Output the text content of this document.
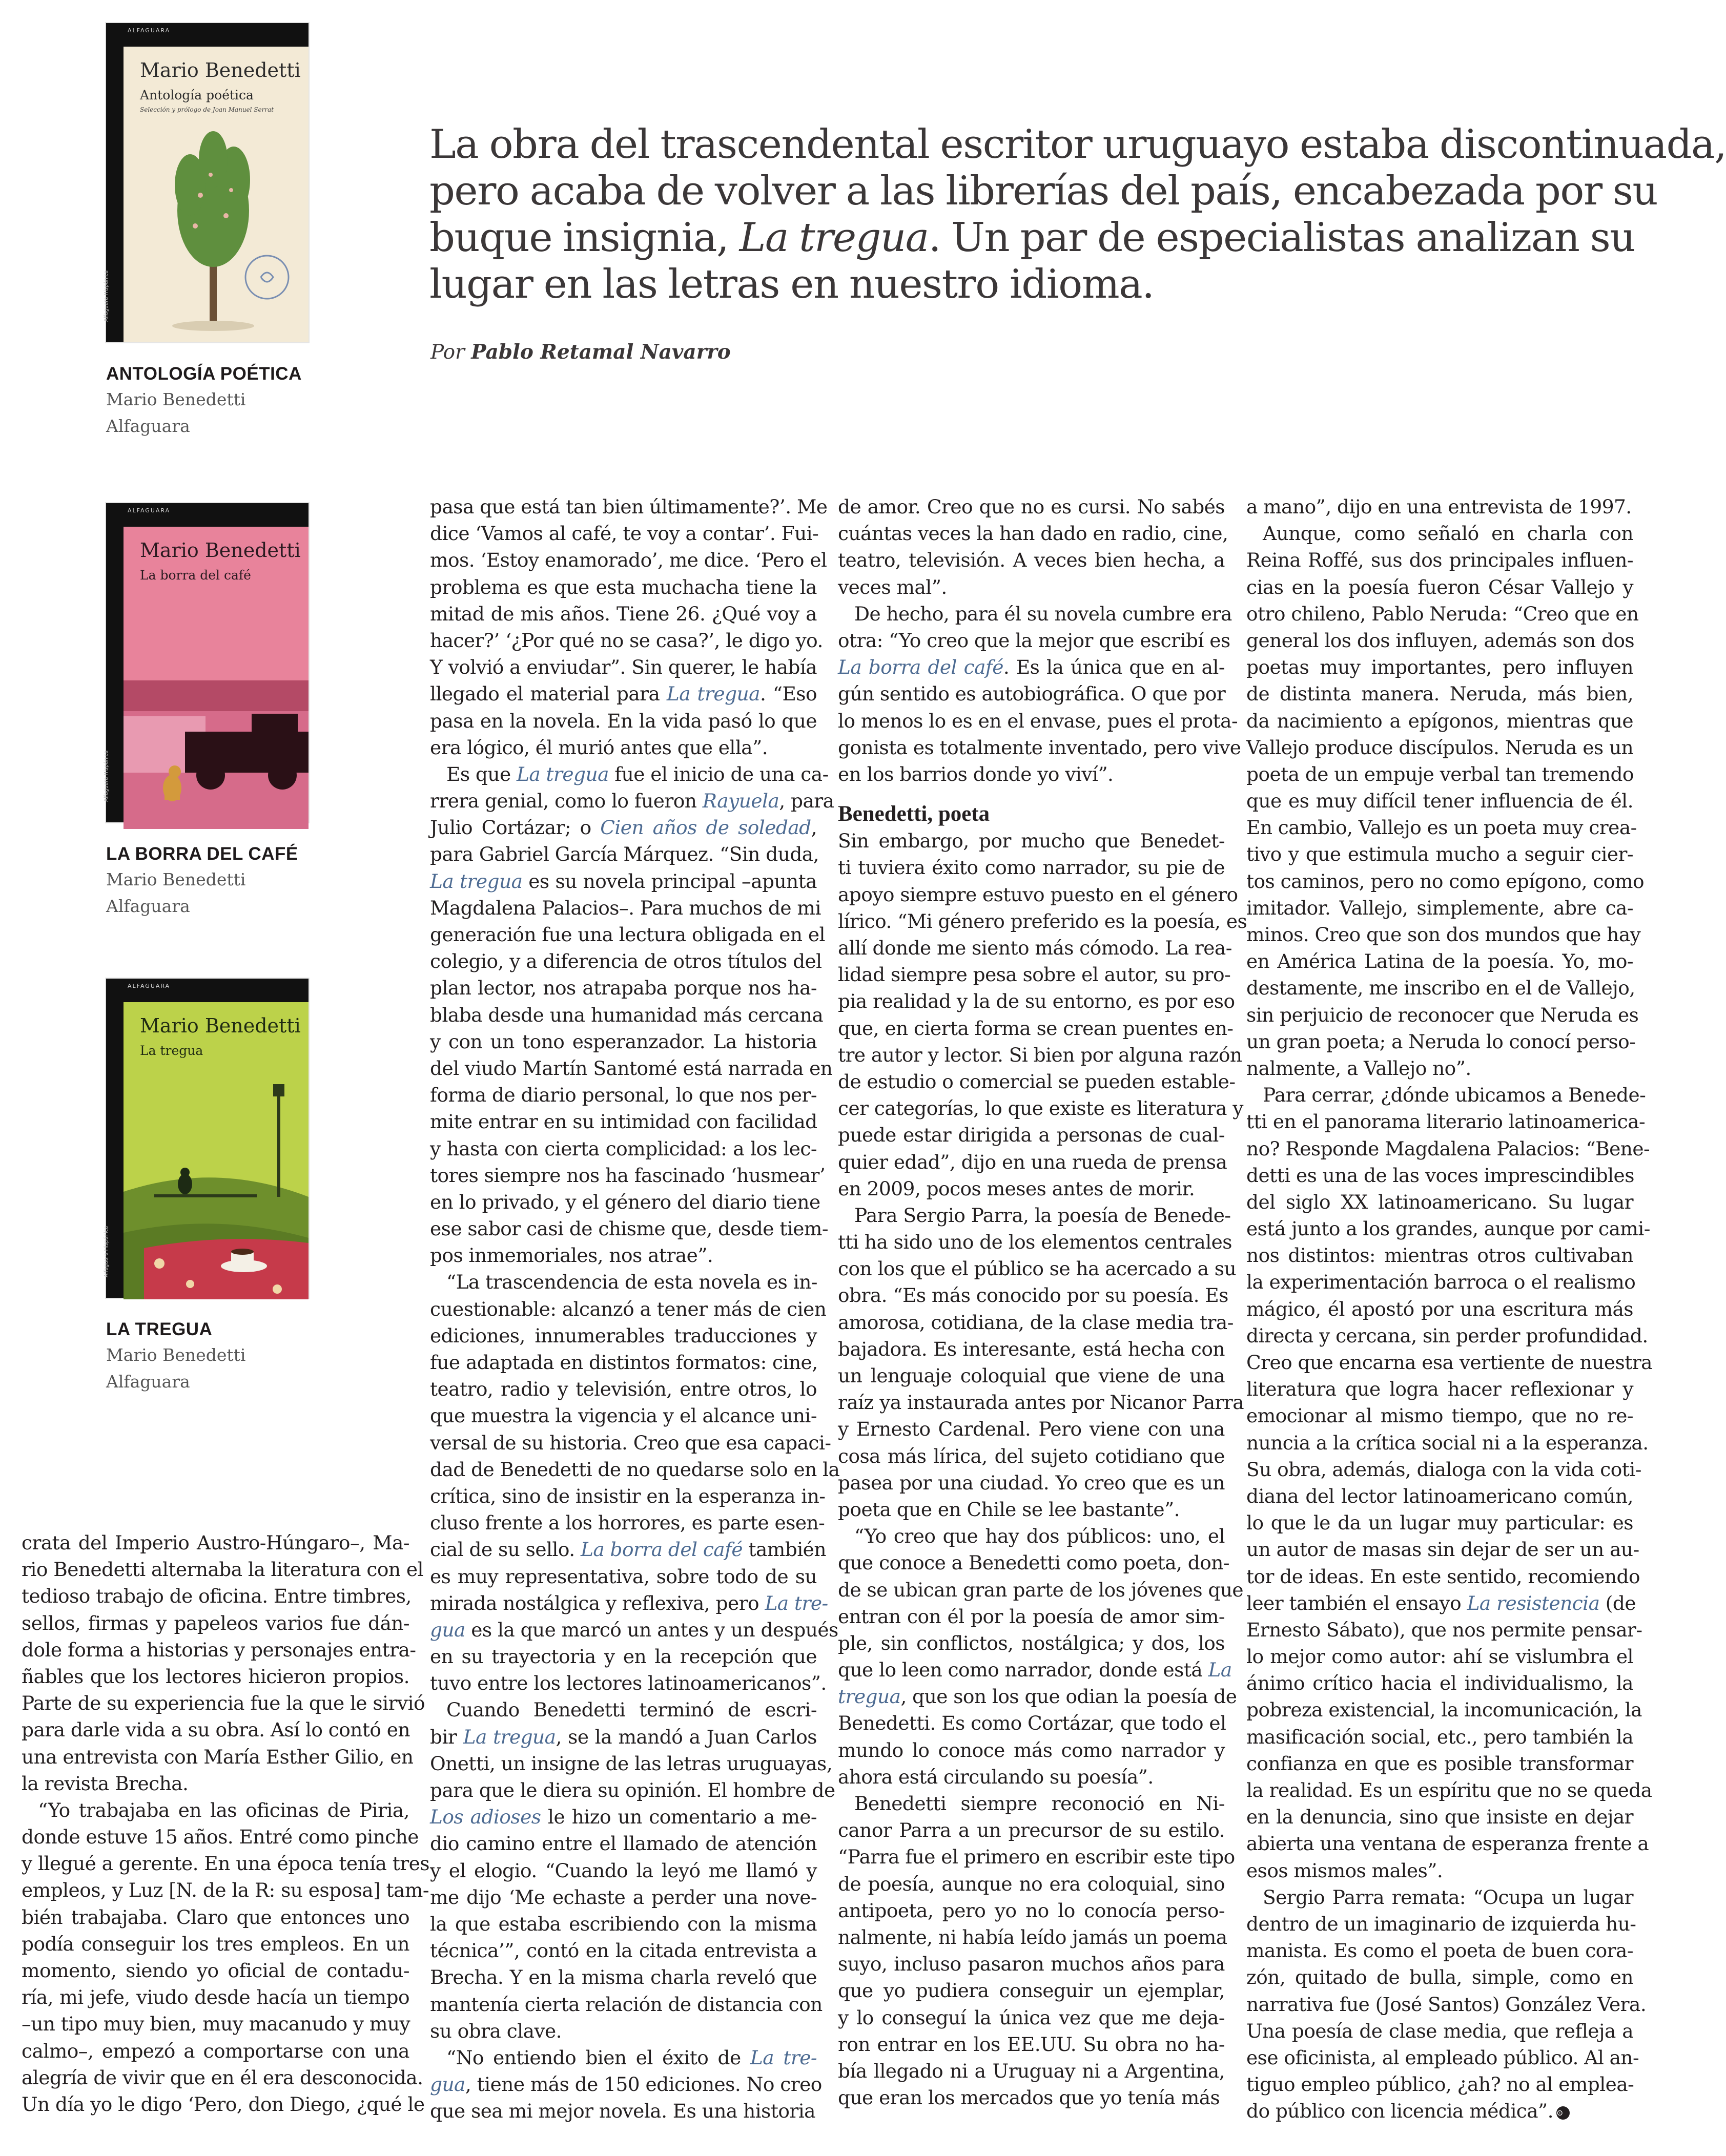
ALFAGUARA
Alfaguara Hispánica
Mario Benedetti
Antología poética
Selección y prólogo de Joan Manuel Serrat
ANTOLOGÍA POÉTICA
Mario Benedetti
Alfaguara
ALFAGUARA
Alfaguara Hispánica
Mario Benedetti
La borra del café
LA BORRA DEL CAFÉ
Mario Benedetti
Alfaguara
ALFAGUARA
Alfaguara Hispánica
Mario Benedetti
La tregua
LA TREGUA
Mario Benedetti
Alfaguara
La obra del trascendental escritor uruguayo estaba discontinuada,
pero acaba de volver a las librerías del país, encabezada por su
buque insignia, La tregua. Un par de especialistas analizan su
lugar en las letras en nuestro idioma.
Por Pablo Retamal Navarro
crata del Imperio Austro-Húngaro–, Ma-
rio Benedetti alternaba la literatura con el
tedioso trabajo de oficina. Entre timbres,
sellos, firmas y papeleos varios fue dán-
dole forma a historias y personajes entra-
ñables que los lectores hicieron propios.
Parte de su experiencia fue la que le sirvió
para darle vida a su obra. Así lo contó en
una entrevista con María Esther Gilio, en
la revista Brecha.
“Yo trabajaba en las oficinas de Piria,
donde estuve 15 años. Entré como pinche
y llegué a gerente. En una época tenía tres
empleos, y Luz [N. de la R: su esposa] tam-
bién trabajaba. Claro que entonces uno
podía conseguir los tres empleos. En un
momento, siendo yo oficial de contadu-
ría, mi jefe, viudo desde hacía un tiempo
–un tipo muy bien, muy macanudo y muy
calmo–, empezó a comportarse con una
alegría de vivir que en él era desconocida.
Un día yo le digo ‘Pero, don Diego, ¿qué le
pasa que está tan bien últimamente?’. Me
dice ‘Vamos al café, te voy a contar’. Fui-
mos. ‘Estoy enamorado’, me dice. ‘Pero el
problema es que esta muchacha tiene la
mitad de mis años. Tiene 26. ¿Qué voy a
hacer?’ ‘¿Por qué no se casa?’, le digo yo.
Y volvió a enviudar”. Sin querer, le había
llegado el material para La tregua. “Eso
pasa en la novela. En la vida pasó lo que
era lógico, él murió antes que ella”.
Es que La tregua fue el inicio de una ca-
rrera genial, como lo fueron Rayuela, para
Julio Cortázar; o Cien años de soledad,
para Gabriel García Márquez. “Sin duda,
La tregua es su novela principal –apunta
Magdalena Palacios–. Para muchos de mi
generación fue una lectura obligada en el
colegio, y a diferencia de otros títulos del
plan lector, nos atrapaba porque nos ha-
blaba desde una humanidad más cercana
y con un tono esperanzador. La historia
del viudo Martín Santomé está narrada en
forma de diario personal, lo que nos per-
mite entrar en su intimidad con facilidad
y hasta con cierta complicidad: a los lec-
tores siempre nos ha fascinado ‘husmear’
en lo privado, y el género del diario tiene
ese sabor casi de chisme que, desde tiem-
pos inmemoriales, nos atrae”.
“La trascendencia de esta novela es in-
cuestionable: alcanzó a tener más de cien
ediciones, innumerables traducciones y
fue adaptada en distintos formatos: cine,
teatro, radio y televisión, entre otros, lo
que muestra la vigencia y el alcance uni-
versal de su historia. Creo que esa capaci-
dad de Benedetti de no quedarse solo en la
crítica, sino de insistir en la esperanza in-
cluso frente a los horrores, es parte esen-
cial de su sello. La borra del café también
es muy representativa, sobre todo de su
mirada nostálgica y reflexiva, pero La tre-
gua es la que marcó un antes y un después
en su trayectoria y en la recepción que
tuvo entre los lectores latinoamericanos”.
Cuando Benedetti terminó de escri-
bir La tregua, se la mandó a Juan Carlos
Onetti, un insigne de las letras uruguayas,
para que le diera su opinión. El hombre de
Los adioses le hizo un comentario a me-
dio camino entre el llamado de atención
y el elogio. “Cuando la leyó me llamó y
me dijo ‘Me echaste a perder una nove-
la que estaba escribiendo con la misma
técnica’”, contó en la citada entrevista a
Brecha. Y en la misma charla reveló que
mantenía cierta relación de distancia con
su obra clave.
“No entiendo bien el éxito de La tre-
gua, tiene más de 150 ediciones. No creo
que sea mi mejor novela. Es una historia
de amor. Creo que no es cursi. No sabés
cuántas veces la han dado en radio, cine,
teatro, televisión. A veces bien hecha, a
veces mal”.
De hecho, para él su novela cumbre era
otra: “Yo creo que la mejor que escribí es
La borra del café. Es la única que en al-
gún sentido es autobiográfica. O que por
lo menos lo es en el envase, pues el prota-
gonista es totalmente inventado, pero vive
en los barrios donde yo viví”.
Benedetti, poeta
Sin embargo, por mucho que Benedet-
ti tuviera éxito como narrador, su pie de
apoyo siempre estuvo puesto en el género
lírico. “Mi género preferido es la poesía, es
allí donde me siento más cómodo. La rea-
lidad siempre pesa sobre el autor, su pro-
pia realidad y la de su entorno, es por eso
que, en cierta forma se crean puentes en-
tre autor y lector. Si bien por alguna razón
de estudio o comercial se pueden estable-
cer categorías, lo que existe es literatura y
puede estar dirigida a personas de cual-
quier edad”, dijo en una rueda de prensa
en 2009, pocos meses antes de morir.
Para Sergio Parra, la poesía de Benede-
tti ha sido uno de los elementos centrales
con los que el público se ha acercado a su
obra. “Es más conocido por su poesía. Es
amorosa, cotidiana, de la clase media tra-
bajadora. Es interesante, está hecha con
un lenguaje coloquial que viene de una
raíz ya instaurada antes por Nicanor Parra
y Ernesto Cardenal. Pero viene con una
cosa más lírica, del sujeto cotidiano que
pasea por una ciudad. Yo creo que es un
poeta que en Chile se lee bastante”.
“Yo creo que hay dos públicos: uno, el
que conoce a Benedetti como poeta, don-
de se ubican gran parte de los jóvenes que
entran con él por la poesía de amor sim-
ple, sin conflictos, nostálgica; y dos, los
que lo leen como narrador, donde está La
tregua, que son los que odian la poesía de
Benedetti. Es como Cortázar, que todo el
mundo lo conoce más como narrador y
ahora está circulando su poesía”.
Benedetti siempre reconoció en Ni-
canor Parra a un precursor de su estilo.
“Parra fue el primero en escribir este tipo
de poesía, aunque no era coloquial, sino
antipoeta, pero yo no lo conocía perso-
nalmente, ni había leído jamás un poema
suyo, incluso pasaron muchos años para
que yo pudiera conseguir un ejemplar,
y lo conseguí la única vez que me deja-
ron entrar en los EE.UU. Su obra no ha-
bía llegado ni a Uruguay ni a Argentina,
que eran los mercados que yo tenía más
a mano”, dijo en una entrevista de 1997.
Aunque, como señaló en charla con
Reina Roffé, sus dos principales influen-
cias en la poesía fueron César Vallejo y
otro chileno, Pablo Neruda: “Creo que en
general los dos influyen, además son dos
poetas muy importantes, pero influyen
de distinta manera. Neruda, más bien,
da nacimiento a epígonos, mientras que
Vallejo produce discípulos. Neruda es un
poeta de un empuje verbal tan tremendo
que es muy difícil tener influencia de él.
En cambio, Vallejo es un poeta muy crea-
tivo y que estimula mucho a seguir cier-
tos caminos, pero no como epígono, como
imitador. Vallejo, simplemente, abre ca-
minos. Creo que son dos mundos que hay
en América Latina de la poesía. Yo, mo-
destamente, me inscribo en el de Vallejo,
sin perjuicio de reconocer que Neruda es
un gran poeta; a Neruda lo conocí perso-
nalmente, a Vallejo no”.
Para cerrar, ¿dónde ubicamos a Benede-
tti en el panorama literario latinoamerica-
no? Responde Magdalena Palacios: “Bene-
detti es una de las voces imprescindibles
del siglo XX latinoamericano. Su lugar
está junto a los grandes, aunque por cami-
nos distintos: mientras otros cultivaban
la experimentación barroca o el realismo
mágico, él apostó por una escritura más
directa y cercana, sin perder profundidad.
Creo que encarna esa vertiente de nuestra
literatura que logra hacer reflexionar y
emocionar al mismo tiempo, que no re-
nuncia a la crítica social ni a la esperanza.
Su obra, además, dialoga con la vida coti-
diana del lector latinoamericano común,
lo que le da un lugar muy particular: es
un autor de masas sin dejar de ser un au-
tor de ideas. En este sentido, recomiendo
leer también el ensayo La resistencia (de
Ernesto Sábato), que nos permite pensar-
lo mejor como autor: ahí se vislumbra el
ánimo crítico hacia el individualismo, la
pobreza existencial, la incomunicación, la
masificación social, etc., pero también la
confianza en que es posible transformar
la realidad. Es un espíritu que no se queda
en la denuncia, sino que insiste en dejar
abierta una ventana de esperanza frente a
esos mismos males”.
Sergio Parra remata: “Ocupa un lugar
dentro de un imaginario de izquierda hu-
manista. Es como el poeta de buen cora-
zón, quitado de bulla, simple, como en
narrativa fue (José Santos) González Vera.
Una poesía de clase media, que refleja a
ese oficinista, al empleado público. Al an-
tiguo empleo público, ¿ah? no al emplea-
do público con licencia médica”. ⊙
